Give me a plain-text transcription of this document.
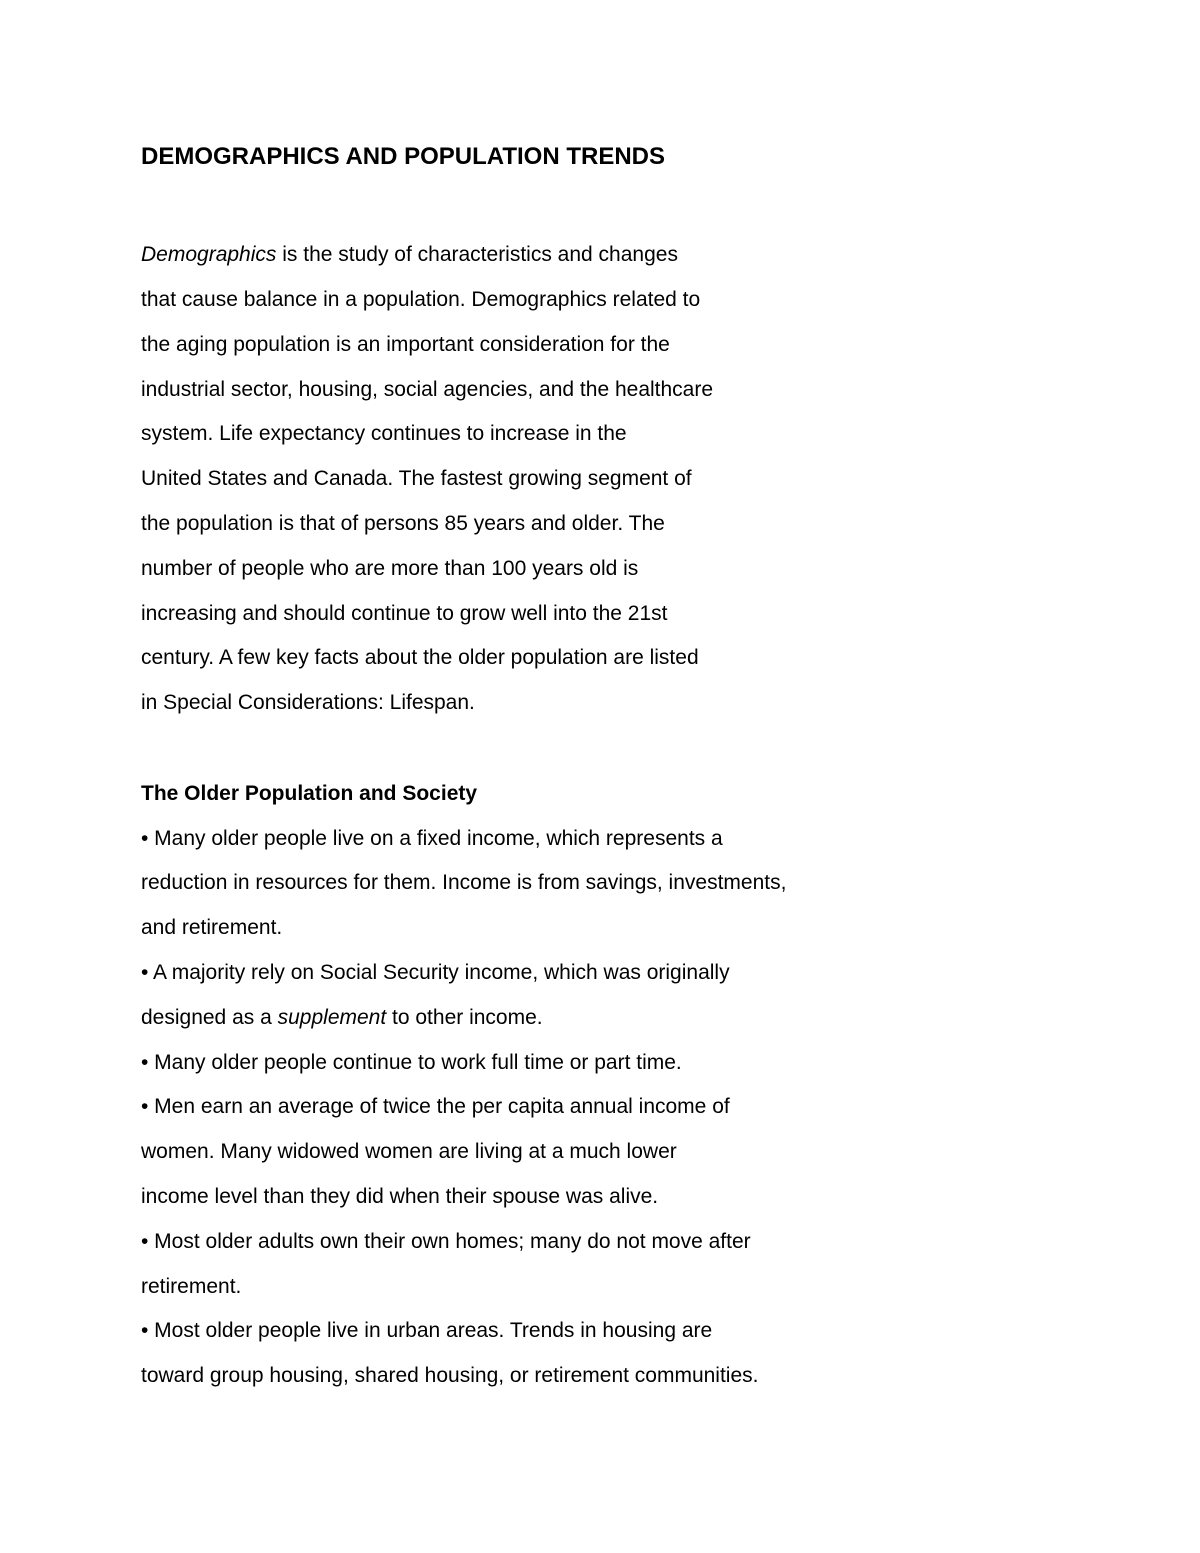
DEMOGRAPHICS AND POPULATION TRENDS

Demographics is the study of characteristics and changes

that cause balance in a population. Demographics related to

the aging population is an important consideration for the

industrial sector, housing, social agencies, and the healthcare

system. Life expectancy continues to increase in the

United States and Canada. The fastest growing segment of

the population is that of persons 85 years and older. The

number of people who are more than 100 years old is

increasing and should continue to grow well into the 21st

century. A few key facts about the older population are listed

in Special Considerations: Lifespan.

The Older Population and Society

• Many older people live on a fixed income, which represents a

reduction in resources for them. Income is from savings, investments,

and retirement.

• A majority rely on Social Security income, which was originally

designed as a supplement to other income.

• Many older people continue to work full time or part time.

• Men earn an average of twice the per capita annual income of

women. Many widowed women are living at a much lower

income level than they did when their spouse was alive.

• Most older adults own their own homes; many do not move after

retirement.

• Most older people live in urban areas. Trends in housing are

toward group housing, shared housing, or retirement communities.
